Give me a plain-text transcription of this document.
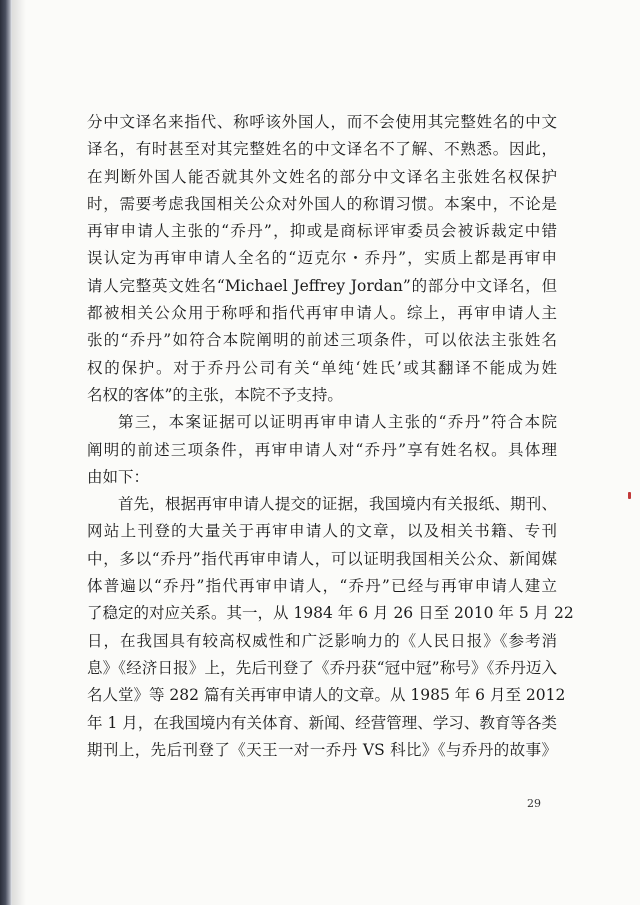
分中文译名来指代、称呼该外国人，而不会使用其完整姓名的中文
译名，有时甚至对其完整姓名的中文译名不了解、不熟悉。因此，
在判断外国人能否就其外文姓名的部分中文译名主张姓名权保护
时，需要考虑我国相关公众对外国人的称谓习惯。本案中，不论是
再审申请人主张的“乔丹”，抑或是商标评审委员会被诉裁定中错
误认定为再审申请人全名的“迈克尔・乔丹”，实质上都是再审申
请人完整英文姓名“Michael Jeffrey Jordan”的部分中文译名，但
都被相关公众用于称呼和指代再审申请人。综上，再审申请人主
张的“乔丹”如符合本院阐明的前述三项条件，可以依法主张姓名
权的保护。对于乔丹公司有关“单纯‘姓氏’或其翻译不能成为姓
名权的客体”的主张，本院不予支持。
第三，本案证据可以证明再审申请人主张的“乔丹”符合本院
阐明的前述三项条件，再审申请人对“乔丹”享有姓名权。具体理
由如下：
首先，根据再审申请人提交的证据，我国境内有关报纸、期刊、
网站上刊登的大量关于再审申请人的文章，以及相关书籍、专刊
中，多以“乔丹”指代再审申请人，可以证明我国相关公众、新闻媒
体普遍以“乔丹”指代再审申请人，“乔丹”已经与再审申请人建立
了稳定的对应关系。其一，从 1984 年 6 月 26 日至 2010 年 5 月 22
日，在我国具有较高权威性和广泛影响力的《人民日报》《参考消
息》《经济日报》上，先后刊登了《乔丹获“冠中冠”称号》《乔丹迈入
名人堂》等 282 篇有关再审申请人的文章。从 1985 年 6 月至 2012
年 1 月，在我国境内有关体育、新闻、经营管理、学习、教育等各类
期刊上，先后刊登了《天王一对一乔丹 VS 科比》《与乔丹的故事》
29
